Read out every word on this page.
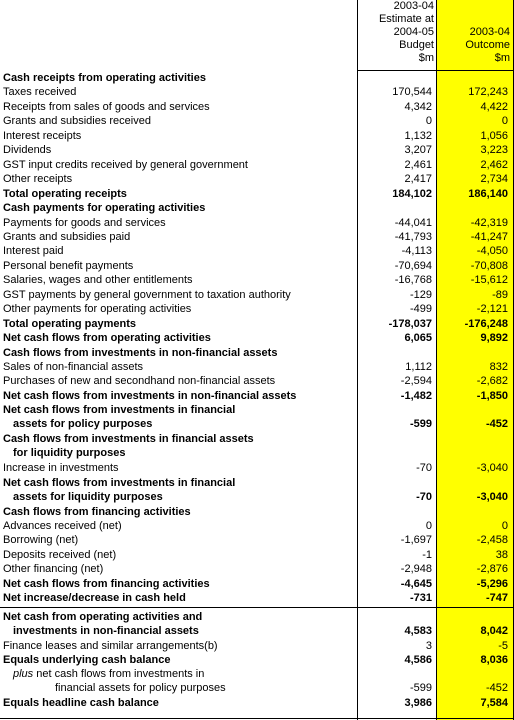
2003-04
Estimate at
2004-05
Budget
$m
2003-04
Outcome
$m
Cash receipts from operating activities
Taxes received	170,544	172,243
Receipts from sales of goods and services	4,342	4,422
Grants and subsidies received	0	0
Interest receipts	1,132	1,056
Dividends	3,207	3,223
GST input credits received by general government	2,461	2,462
Other receipts	2,417	2,734
Total operating receipts	184,102	186,140
Cash payments for operating activities
Payments for goods and services	-44,041	-42,319
Grants and subsidies paid	-41,793	-41,247
Interest paid	-4,113	-4,050
Personal benefit payments	-70,694	-70,808
Salaries, wages and other entitlements	-16,768	-15,612
GST payments by general government to taxation authority	-129	-89
Other payments for operating activities	-499	-2,121
Total operating payments	-178,037	-176,248
Net cash flows from operating activities	6,065	9,892
Cash flows from investments in non-financial assets
Sales of non-financial assets	1,112	832
Purchases of new and secondhand non-financial assets	-2,594	-2,682
Net cash flows from investments in non-financial assets	-1,482	-1,850
Net cash flows from investments in financial
assets for policy purposes	-599	-452
Cash flows from investments in financial assets
for liquidity purposes
Increase in investments	-70	-3,040
Net cash flows from investments in financial
assets for liquidity purposes	-70	-3,040
Cash flows from financing activities
Advances received (net)	0	0
Borrowing (net)	-1,697	-2,458
Deposits received (net)	-1	38
Other financing (net)	-2,948	-2,876
Net cash flows from financing activities	-4,645	-5,296
Net increase/decrease in cash held	-731	-747
Net cash from operating activities and
investments in non-financial assets	4,583	8,042
Finance leases and similar arrangements(b)	3	-5
Equals underlying cash balance	4,586	8,036
plus net cash flows from investments in
financial assets for policy purposes	-599	-452
Equals headline cash balance	3,986	7,584
